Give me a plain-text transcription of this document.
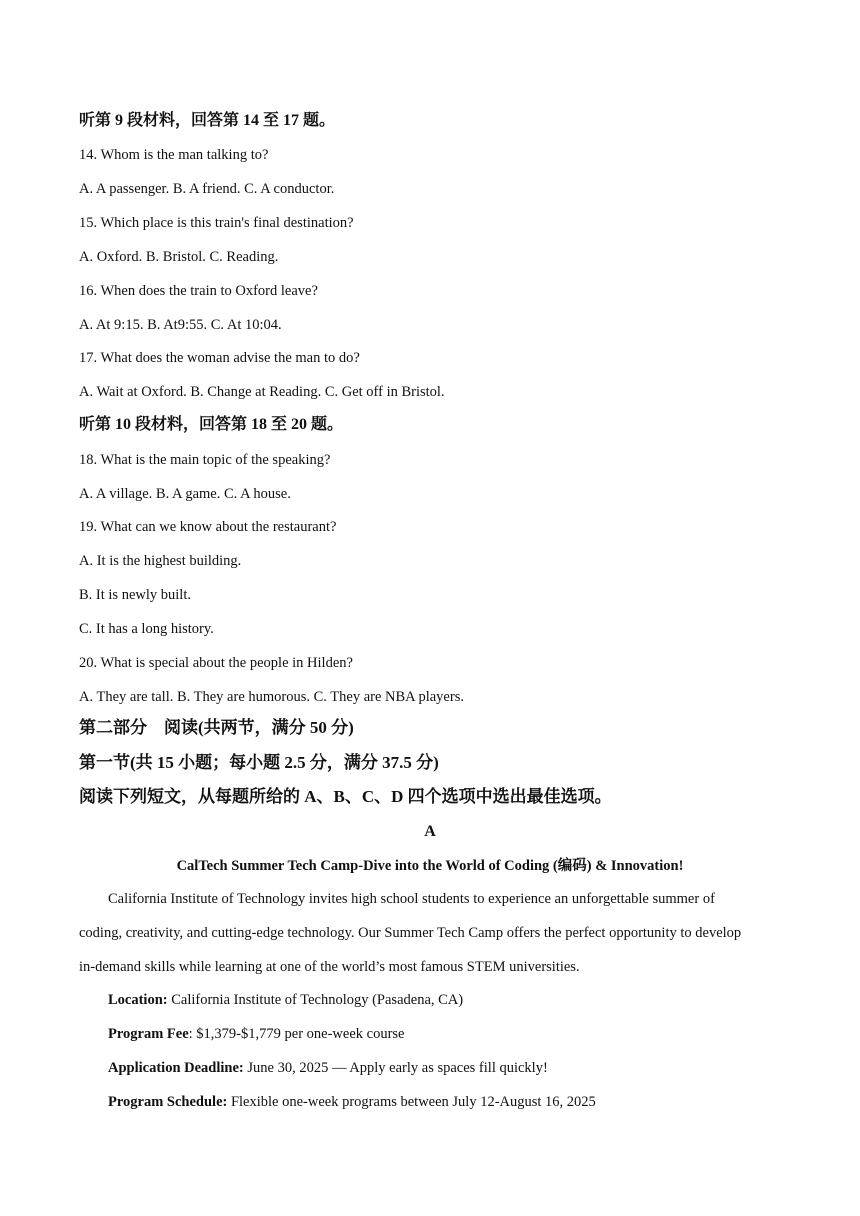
听第 9 段材料，回答第 14 至 17 题。
14. Whom is the man talking to?
A. A passenger. B. A friend. C. A conductor.
15. Which place is this train's final destination?
A. Oxford. B. Bristol. C. Reading.
16. When does the train to Oxford leave?
A. At 9:15. B. At9:55. C. At 10:04.
17. What does the woman advise the man to do?
A. Wait at Oxford. B. Change at Reading. C. Get off in Bristol.
听第 10 段材料，回答第 18 至 20 题。
18. What is the main topic of the speaking?
A. A village. B. A game. C. A house.
19. What can we know about the restaurant?
A. It is the highest building.
B. It is newly built.
C. It has a long history.
20. What is special about the people in Hilden?
A. They are tall. B. They are humorous. C. They are NBA players.
第二部分　阅读(共两节，满分 50 分)
第一节(共 15 小题；每小题 2.5 分，满分 37.5 分)
阅读下列短文，从每题所给的 A、B、C、D 四个选项中选出最佳选项。
A
CalTech Summer Tech Camp-Dive into the World of Coding (编码) & Innovation!
California Institute of Technology invites high school students to experience an unforgettable summer of
coding, creativity, and cutting-edge technology. Our Summer Tech Camp offers the perfect opportunity to develop
in-demand skills while learning at one of the world’s most famous STEM universities.
Location: California Institute of Technology (Pasadena, CA)
Program Fee: $1,379-$1,779 per one-week course
Application Deadline: June 30, 2025 — Apply early as spaces fill quickly!
Program Schedule: Flexible one-week programs between July 12-August 16, 2025
